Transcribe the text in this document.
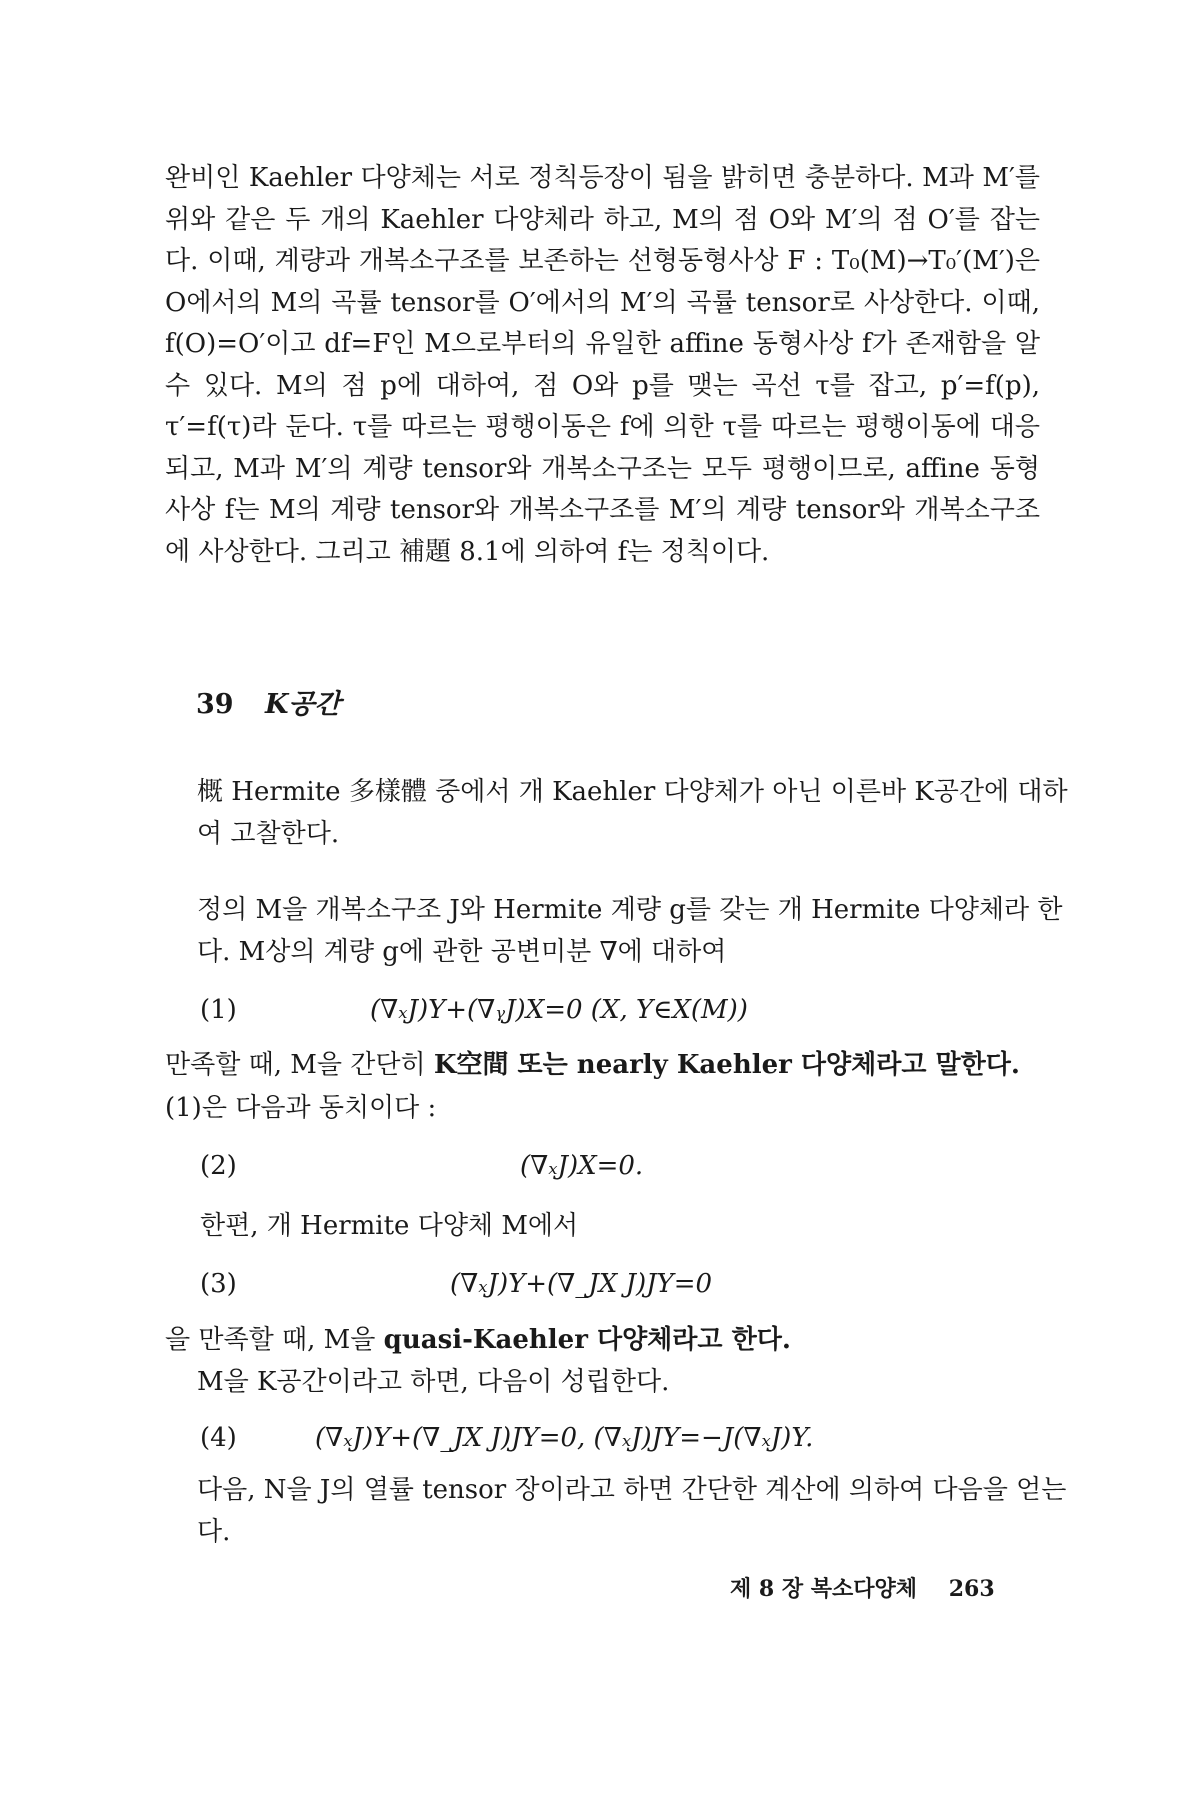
완비인 Kaehler 다양체는 서로 정칙등장이 됨을 밝히면 충분하다. M과 M′를 위와 같은 두 개의 Kaehler 다양체라 하고, M의 점 O와 M′의 점 O′를 잡는다. 이때, 계량과 개복소구조를 보존하는 선형동형사상 F : T₀(M)→T₀′(M′)은 O에서의 M의 곡률 tensor를 O′에서의 M′의 곡률 tensor로 사상한다. 이때, f(O)=O′이고 df=F인 M으로부터의 유일한 affine 동형사상 f가 존재함을 알 수 있다. M의 점 p에 대하여, 점 O와 p를 맺는 곡선 τ를 잡고, p′=f(p), τ′=f(τ)라 둔다. τ를 따르는 평행이동은 f에 의한 τ를 따르는 평행이동에 대응되고, M과 M′의 계량 tensor와 개복소구조는 모두 평행이므로, affine 동형사상 f는 M의 계량 tensor와 개복소구조를 M′의 계량 tensor와 개복소구조에 사상한다. 그리고 補題 8.1에 의하여 f는 정칙이다.

39 K공간

概 Hermite 多樣體 중에서 개 Kaehler 다양체가 아닌 이른바 K공간에 대하여 고찰한다.

정의 M을 개복소구조 J와 Hermite 계량 g를 갖는 개 Hermite 다양체라 한다. M상의 계량 g에 관한 공변미분 ∇에 대하여

(1)	(∇ₓJ)Y+(∇ᵧJ)X=0 (X, Y∈X(M))
만족할 때, M을 간단히 K空間 또는 nearly Kaehler 다양체라고 말한다.
(1)은 다음과 동치이다 :
(2)	(∇ₓJ)X=0.
한편, 개 Hermite 다양체 M에서
(3)	(∇ₓJ)Y+(∇_JX J)JY=0
을 만족할 때, M을 quasi-Kaehler 다양체라고 한다.
M을 K공간이라고 하면, 다음이 성립한다.
(4)	(∇ₓJ)Y+(∇_JX J)JY=0, (∇ₓJ)JY=−J(∇ₓJ)Y.

다음, N을 J의 열률 tensor 장이라고 하면 간단한 계산에 의하여 다음을 얻는다.

제 8 장 복소다양체 263
